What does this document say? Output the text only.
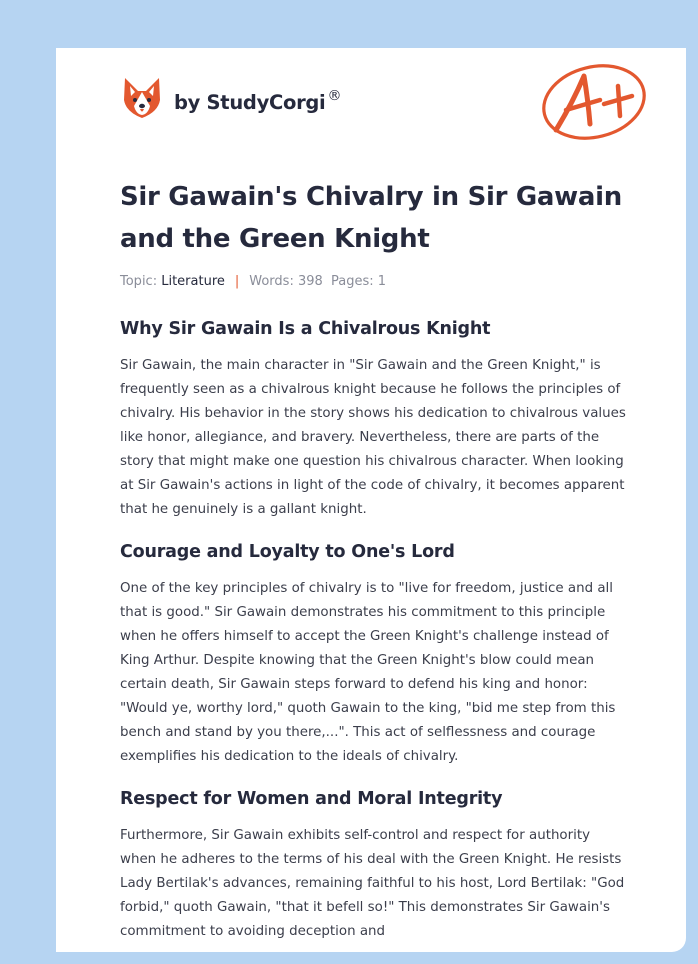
by StudyCorgi ®
Sir Gawain's Chivalry in Sir Gawain and the Green Knight
Topic: Literature | Words: 398 Pages: 1
Why Sir Gawain Is a Chivalrous Knight

Sir Gawain, the main character in "Sir Gawain and the Green Knight," is frequently seen as a chivalrous knight because he follows the principles of chivalry. His behavior in the story shows his dedication to chivalrous values like honor, allegiance, and bravery. Nevertheless, there are parts of the story that might make one question his chivalrous character. When looking at Sir Gawain's actions in light of the code of chivalry, it becomes apparent that he genuinely is a gallant knight.

Courage and Loyalty to One's Lord

One of the key principles of chivalry is to "live for freedom, justice and all that is good." Sir Gawain demonstrates his commitment to this principle when he offers himself to accept the Green Knight's challenge instead of King Arthur. Despite knowing that the Green Knight's blow could mean certain death, Sir Gawain steps forward to defend his king and honor: "Would ye, worthy lord," quoth Gawain to the king, "bid me step from this bench and stand by you there,...". This act of selflessness and courage exemplifies his dedication to the ideals of chivalry.

Respect for Women and Moral Integrity

Furthermore, Sir Gawain exhibits self-control and respect for authority when he adheres to the terms of his deal with the Green Knight. He resists Lady Bertilak's advances, remaining faithful to his host, Lord Bertilak: "God forbid," quoth Gawain, "that it befell so!" This demonstrates Sir Gawain's commitment to avoiding deception and
